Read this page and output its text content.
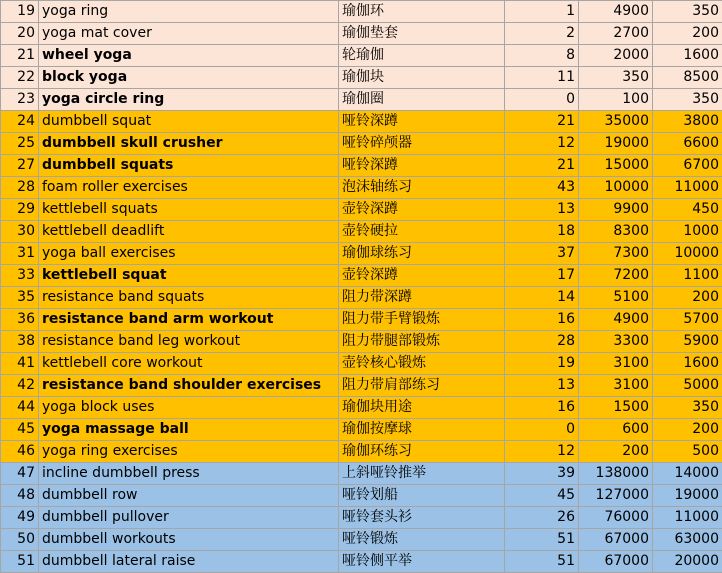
19	yoga ring	瑜伽环	1	4900	350
20	yoga mat cover	瑜伽垫套	2	2700	200
21	wheel yoga	轮瑜伽	8	2000	1600
22	block yoga	瑜伽块	11	350	8500
23	yoga circle ring	瑜伽圈	0	100	350
24	dumbbell squat	哑铃深蹲	21	35000	3800
25	dumbbell skull crusher	哑铃碎颅器	12	19000	6600
27	dumbbell squats	哑铃深蹲	21	15000	6700
28	foam roller exercises	泡沫轴练习	43	10000	11000
29	kettlebell squats	壶铃深蹲	13	9900	450
30	kettlebell deadlift	壶铃硬拉	18	8300	1000
31	yoga ball exercises	瑜伽球练习	37	7300	10000
33	kettlebell squat	壶铃深蹲	17	7200	1100
35	resistance band squats	阻力带深蹲	14	5100	200
36	resistance band arm workout	阻力带手臂锻炼	16	4900	5700
38	resistance band leg workout	阻力带腿部锻炼	28	3300	5900
41	kettlebell core workout	壶铃核心锻炼	19	3100	1600
42	resistance band shoulder exercises	阻力带肩部练习	13	3100	5000
44	yoga block uses	瑜伽块用途	16	1500	350
45	yoga massage ball	瑜伽按摩球	0	600	200
46	yoga ring exercises	瑜伽环练习	12	200	500
47	incline dumbbell press	上斜哑铃推举	39	138000	14000
48	dumbbell row	哑铃划船	45	127000	19000
49	dumbbell pullover	哑铃套头衫	26	76000	11000
50	dumbbell workouts	哑铃锻炼	51	67000	63000
51	dumbbell lateral raise	哑铃侧平举	51	67000	20000
